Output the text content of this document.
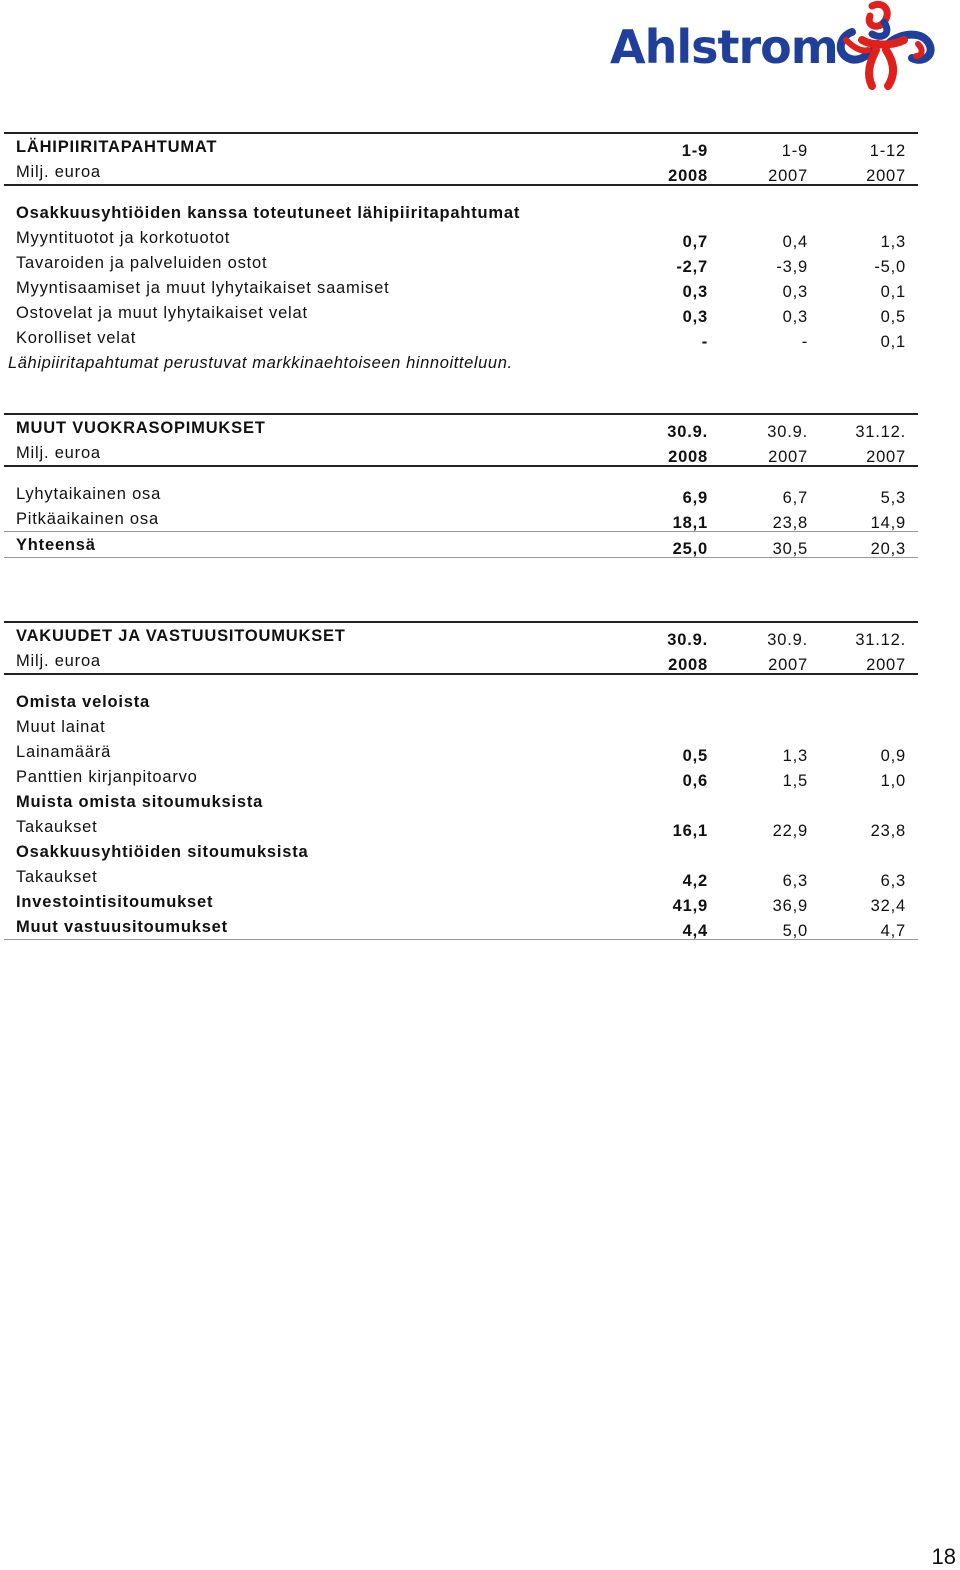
Ahlstrom
LÄHIPIIRITAPAHTUMAT	1-9	1-9	1-12
Milj. euroa	2008	2007	2007
Osakkuusyhtiöiden kanssa toteutuneet lähipiiritapahtumat
Myyntituotot ja korkotuotot	0,7	0,4	1,3
Tavaroiden ja palveluiden ostot	-2,7	-3,9	-5,0
Myyntisaamiset ja muut lyhytaikaiset saamiset	0,3	0,3	0,1
Ostovelat ja muut lyhytaikaiset velat	0,3	0,3	0,5
Korolliset velat	-	-	0,1
Lähipiiritapahtumat perustuvat markkinaehtoiseen hinnoitteluun.
MUUT VUOKRASOPIMUKSET	30.9.	30.9.	31.12.
Milj. euroa	2008	2007	2007
Lyhytaikainen osa	6,9	6,7	5,3
Pitkäaikainen osa	18,1	23,8	14,9
Yhteensä	25,0	30,5	20,3
VAKUUDET JA VASTUUSITOUMUKSET	30.9.	30.9.	31.12.
Milj. euroa	2008	2007	2007
Omista veloista
Muut lainat
Lainamäärä	0,5	1,3	0,9
Panttien kirjanpitoarvo	0,6	1,5	1,0
Muista omista sitoumuksista
Takaukset	16,1	22,9	23,8
Osakkuusyhtiöiden sitoumuksista
Takaukset	4,2	6,3	6,3
Investointisitoumukset	41,9	36,9	32,4
Muut vastuusitoumukset	4,4	5,0	4,7
18
